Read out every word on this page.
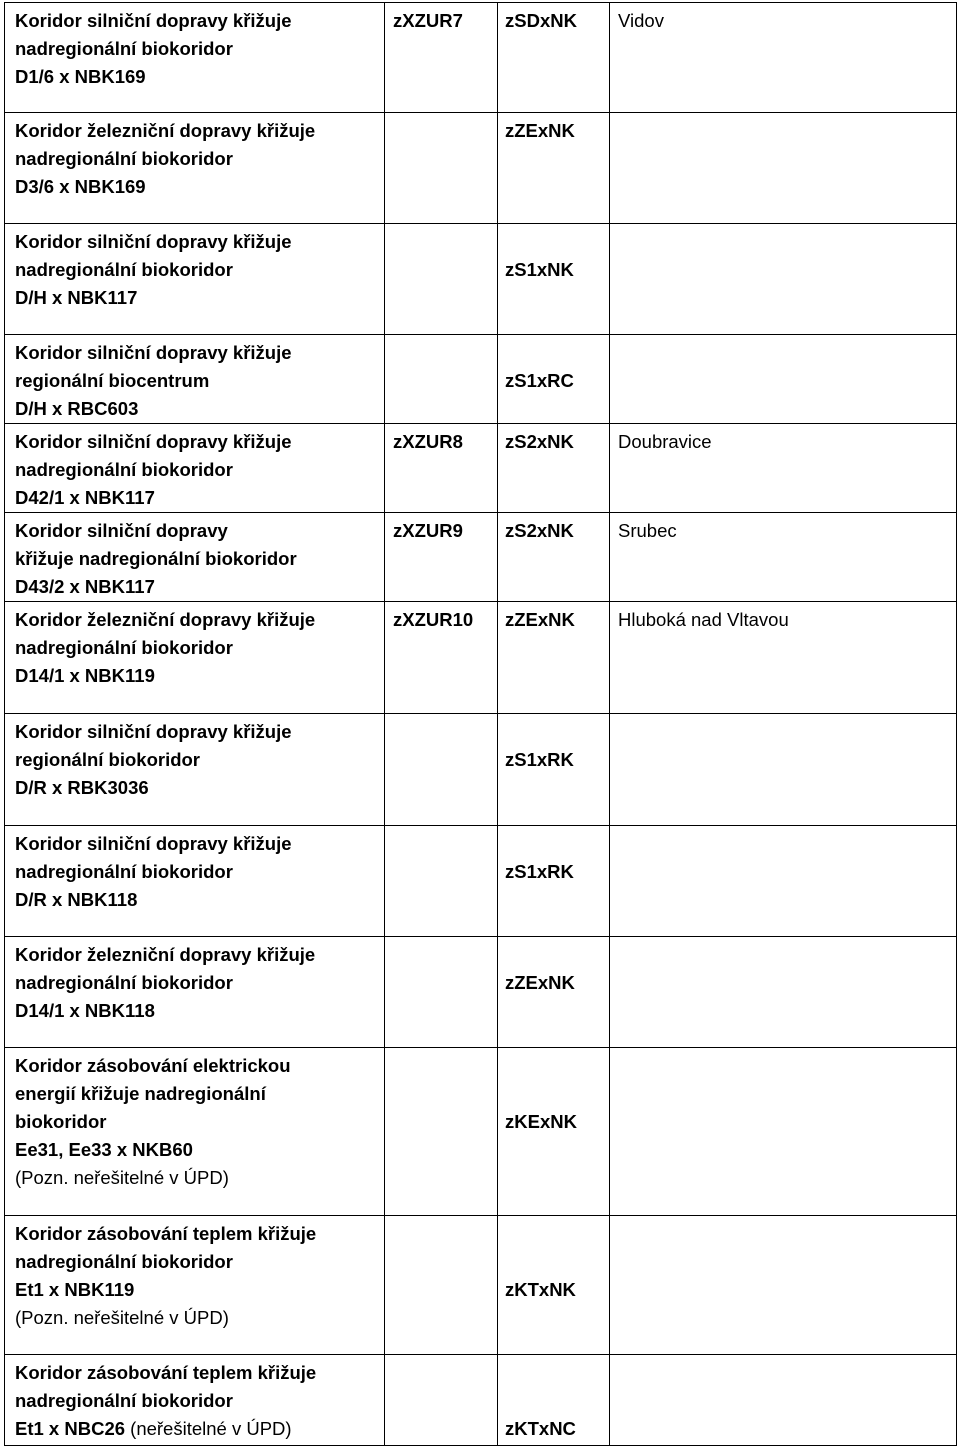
Koridor silniční dopravy křižuje
nadregionální biokoridor
D1/6 x NBK169	zXZUR7	zSDxNK	Vidov

Koridor železniční dopravy křižuje
nadregionální biokoridor
D3/6 x NBK169		zZExNK	

Koridor silniční dopravy křižuje
nadregionální biokoridor
D/H x NBK117		zS1xNK	

Koridor silniční dopravy křižuje
regionální biocentrum
D/H x RBC603		zS1xRC	

Koridor silniční dopravy křižuje
nadregionální biokoridor
D42/1 x NBK117	zXZUR8	zS2xNK	Doubravice

Koridor silniční dopravy
křižuje nadregionální biokoridor
D43/2 x NBK117	zXZUR9	zS2xNK	Srubec

Koridor železniční dopravy křižuje
nadregionální biokoridor
D14/1 x NBK119	zXZUR10	zZExNK	Hluboká nad Vltavou

Koridor silniční dopravy křižuje
regionální biokoridor
D/R x RBK3036		zS1xRK	

Koridor silniční dopravy křižuje
nadregionální biokoridor
D/R x NBK118		zS1xRK	

Koridor železniční dopravy křižuje
nadregionální biokoridor
D14/1 x NBK118		zZExNK	

Koridor zásobování elektrickou
energií křižuje nadregionální
biokoridor
Ee31, Ee33 x NKB60
(Pozn. neřešitelné v ÚPD)		zKExNK	

Koridor zásobování teplem křižuje
nadregionální biokoridor
Et1 x NBK119
(Pozn. neřešitelné v ÚPD)		zKTxNK	

Koridor zásobování teplem křižuje
nadregionální biokoridor
Et1 x NBC26 (neřešitelné v ÚPD)		zKTxNC	
